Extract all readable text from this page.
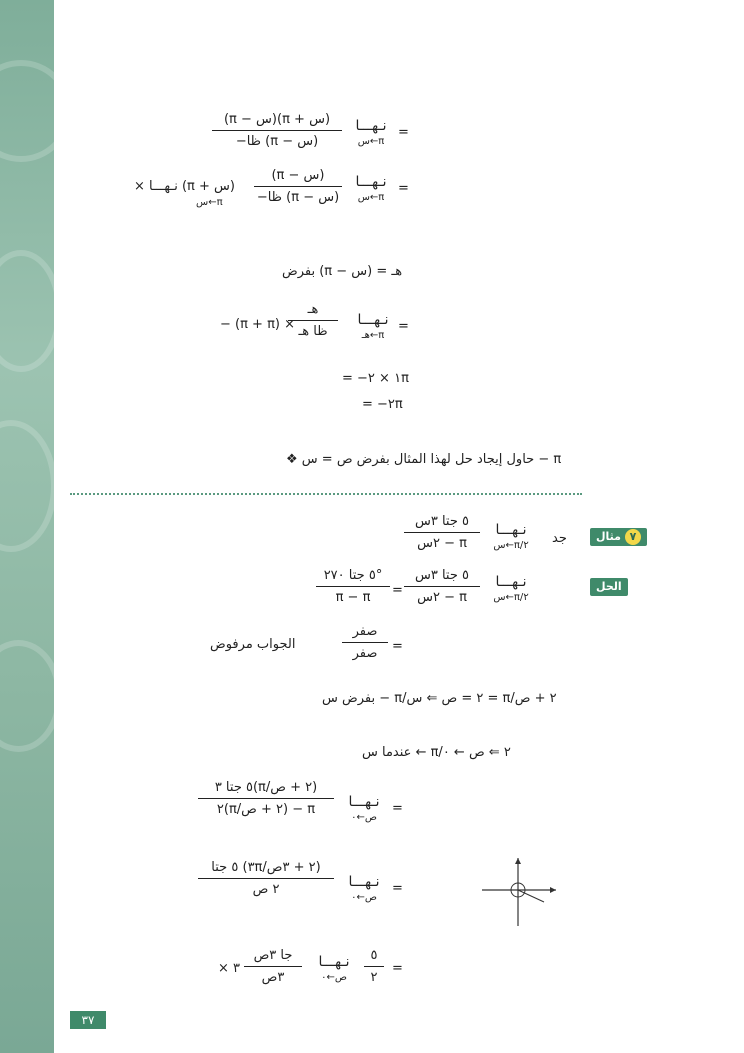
=
نـهـــا
س←π
(π − س)(π + س)
−ظا (π − س)
=
نـهـــا
س←π
(π − س)
−ظا (π − س)
× نـهـــا (π + س)
س←π
بفرض (π − س) = هـ
=
نـهـــا
هـ←π
هـ
ظا هـ
− (π + π) ×
= −١ × ٢π
= −٢π
❖ حاول إيجاد حل لهذا المثال بفرض ص = س − π
مثال ٧
جد
نـهـــا
س←π/٢
٥ جتا ٣س
٢س − π
الحل
نـهـــا
س←π/٢
٥ جتا ٣س
٢س − π
=
٥ جتا ٢٧٠°
π − π
=
صفر
صفر
الجواب مرفوض
بفرض س − π/٢ = ص ⇐ س = π/٢ + ص
عندما س ← π/٢ ⇐ ص ← ٠
=
نـهـــا
ص←٠
٥ جتا ٣(π/٢ + ص)
٢(π/٢ + ص) − π
=
نـهـــا
ص←٠
٥ جتا (٣π/٢ + ٣ص)
٢ ص
=
٥
٢
نـهـــا
ص←٠
جا ٣ص
٣ص
× ٣
٣٧
